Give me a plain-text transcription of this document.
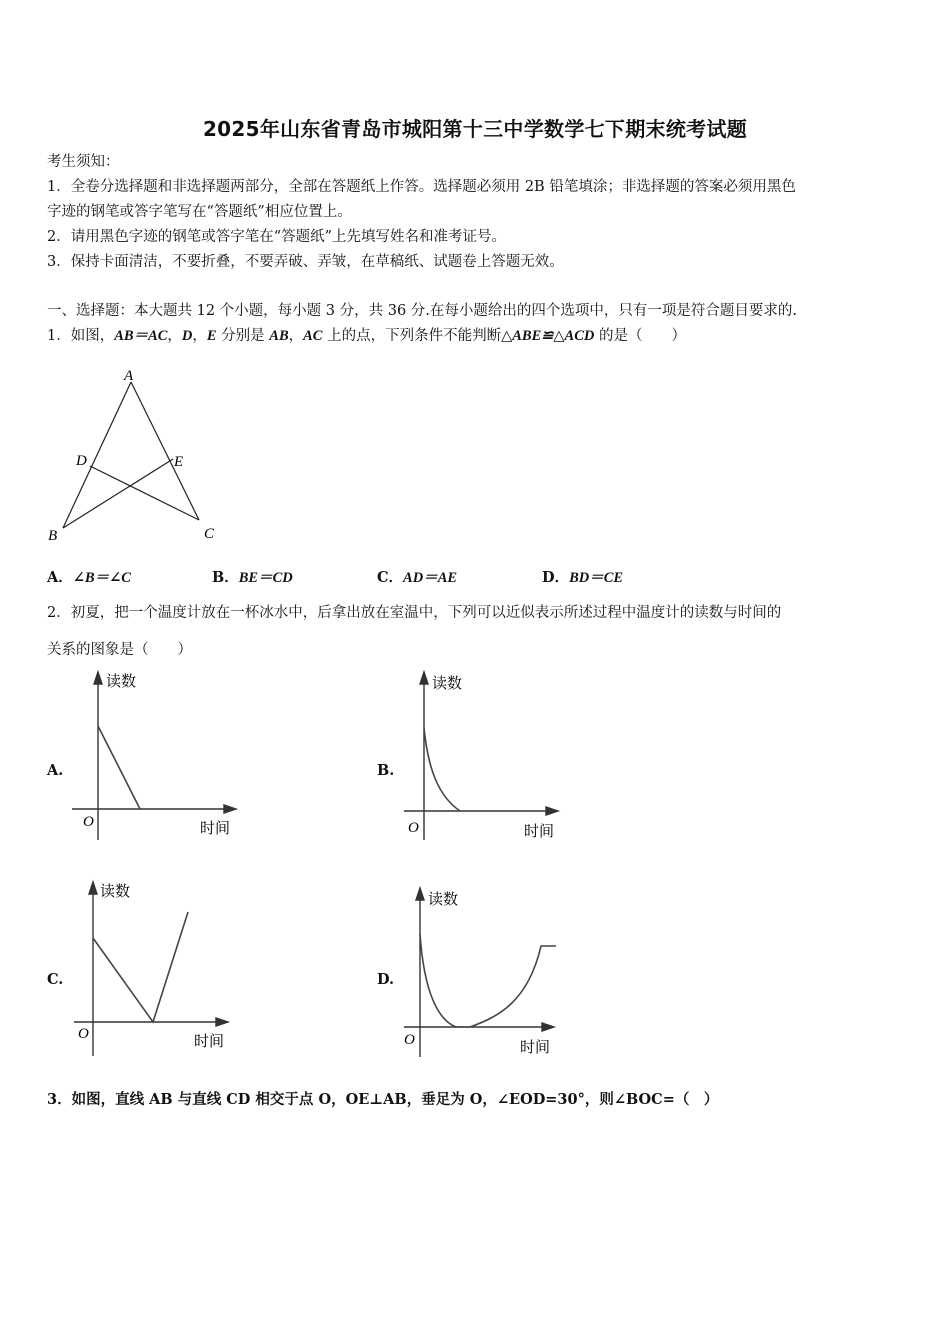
2025年山东省青岛市城阳第十三中学数学七下期末统考试题
考生须知：
1．全卷分选择题和非选择题两部分，全部在答题纸上作答。选择题必须用 2B 铅笔填涂；非选择题的答案必须用黑色
字迹的钢笔或答字笔写在“答题纸”相应位置上。
2．请用黑色字迹的钢笔或答字笔在“答题纸”上先填写姓名和准考证号。
3．保持卡面清洁，不要折叠，不要弄破、弄皱，在草稿纸、试题卷上答题无效。
一、选择题：本大题共 12 个小题，每小题 3 分，共 36 分.在每小题给出的四个选项中，只有一项是符合题目要求的.
1．如图，AB＝AC，D，E 分别是 AB，AC 上的点，下列条件不能判断△ABE≌△ACD 的是（　　）
A
D	E
B	C
A．∠B＝∠C	B．BE＝CD	C．AD＝AE	D．BD＝CE
2．初夏，把一个温度计放在一杯冰水中，后拿出放在室温中，下列可以近似表示所述过程中温度计的读数与时间的
关系的图象是（　　）
A.	B.
C.	D.
读数
时间
O
读数
时间
O
读数
时间
O
读数
时间
O
3．如图，直线 AB 与直线 CD 相交于点 O，OE⊥AB，垂足为 O，∠EOD=30°，则∠BOC=（　）
